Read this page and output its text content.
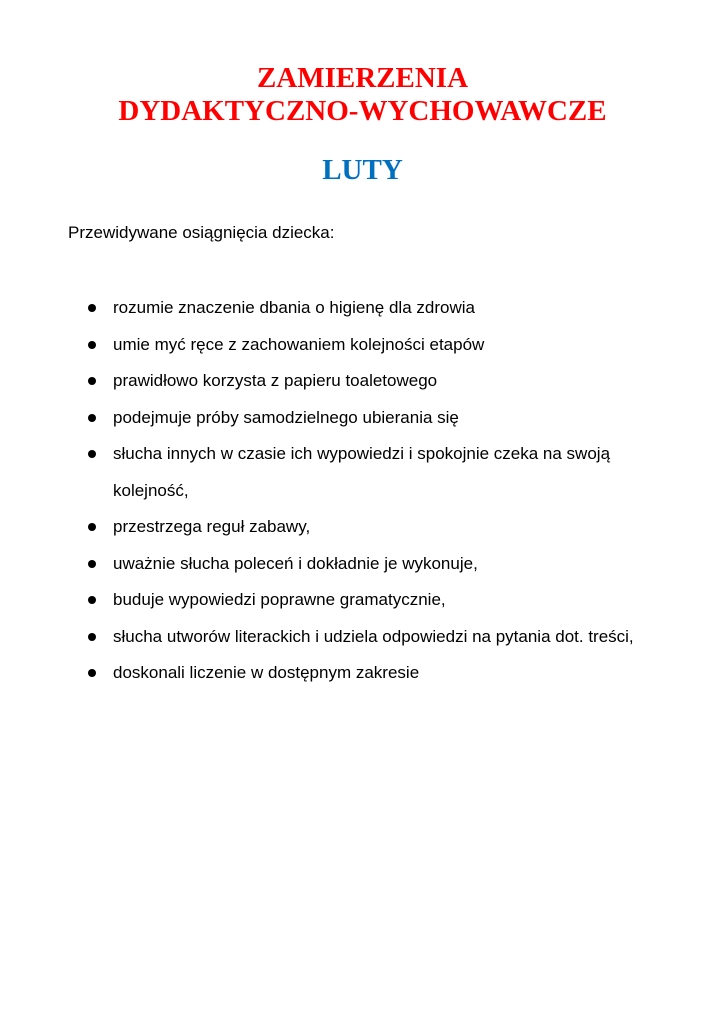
ZAMIERZENIA
DYDAKTYCZNO-WYCHOWAWCZE
LUTY

Przewidywane osiągnięcia dziecka:

rozumie znaczenie dbania o higienę dla zdrowia
umie myć ręce z zachowaniem kolejności etapów
prawidłowo korzysta z papieru toaletowego
podejmuje próby samodzielnego ubierania się
słucha innych w czasie ich wypowiedzi i spokojnie czeka na swoją kolejność,
przestrzega reguł zabawy,
uważnie słucha poleceń i dokładnie je wykonuje,
buduje wypowiedzi poprawne gramatycznie,
słucha utworów literackich i udziela odpowiedzi na pytania dot. treści,
doskonali liczenie w dostępnym zakresie
